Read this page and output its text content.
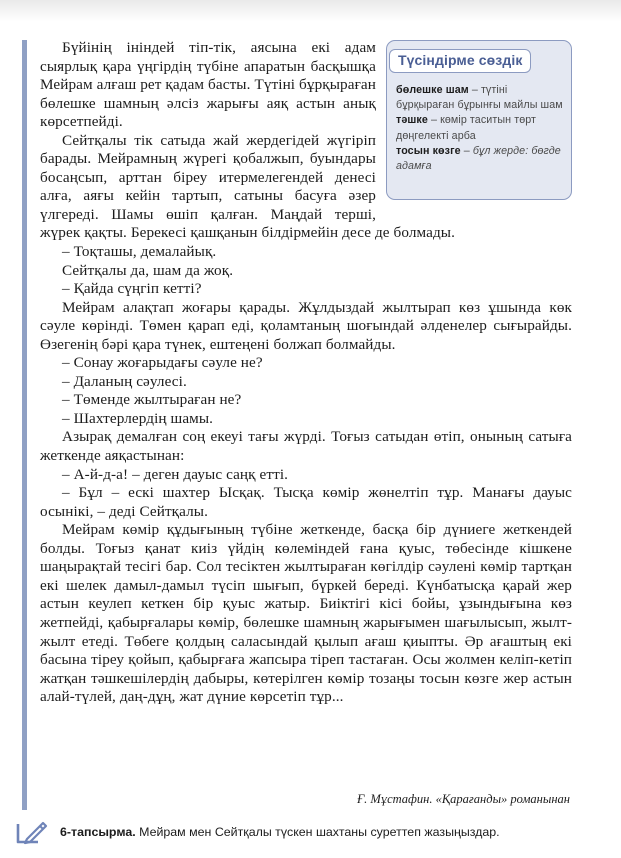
Түсіндірме сөздік
бөлешке шам – түтіні бұрқыраған бұрынғы майлы шам
тәшке – көмір таситын төрт дөңгелекті арба
тосын көзге – бұл жерде: бөгде адамға

Бүйінің ініндей тіп-тік, аясына екі адам сыярлық қара үңгірдің түбіне апаратын басқышқа Мейрам алғаш рет қадам басты. Түтіні бұрқыраған бөлешке шамның әлсіз жарығы аяқ астын анық көрсетпейді.

Сейтқалы тік сатыда жай жердегідей жүгіріп барады. Мейрамның жүрегі қобалжып, буындары босаңсып, арттан біреу итермелегендей денесі алға, аяғы кейін тартып, сатыны басуға әзер үлгереді. Шамы өшіп қалған. Маңдай терші, жүрек қақты. Берекесі қашқанын білдірмейін десе де болмады.

– Тоқташы, демалайық.

Сейтқалы да, шам да жоқ.

– Қайда сүңгіп кетті?

Мейрам алақтап жоғары қарады. Жұлдыздай жылтырап көз ұшында көк сәуле көрінді. Төмен қарап еді, қоламтаның шоғындай әлденелер сығырайды. Өзегенің бәрі қара түнек, ештеңені болжап болмайды.

– Сонау жоғарыдағы сәуле не?

– Даланың сәулесі.

– Төменде жылтыраған не?

– Шахтерлердің шамы.

Азырақ демалған соң екеуі тағы жүрді. Тоғыз сатыдан өтіп, онының сатыға жеткенде аяқастынан:

– А-й-д-а! – деген дауыс саңқ етті.

– Бұл – ескі шахтер Ысқақ. Тысқа көмір жөнелтіп тұр. Манағы дауыс осынікі, – деді Сейтқалы.

Мейрам көмір құдығының түбіне жеткенде, басқа бір дүниеге жеткендей болды. Тоғыз қанат киіз үйдің көлеміндей ғана қуыс, төбесінде кішкене шаңырақтай тесігі бар. Сол тесіктен жылтыраған көгілдір сәулені көмір тартқан екі шелек дамыл-дамыл түсіп шығып, бүркей береді. Күнбатысқа қарай жер астын кеулеп кеткен бір қуыс жатыр. Биіктігі кісі бойы, ұзындығына көз жетпейді, қабырғалары көмір, бөлешке шамның жарығымен шағылысып, жылт-жылт етеді. Төбеге қолдың саласындай қылып ағаш қиыпты. Әр ағаштың екі басына тіреу қойып, қабырғаға жапсыра тіреп тастаған. Осы жолмен келіп-кетіп жатқан тәшкешілердің дабыры, көтерілген көмір тозаңы тосын көзге жер астын алай-түлей, даң-дұң, жат дүние көрсетіп тұр...

Ғ. Мұстафин. «Қарағанды» романынан
6-тапсырма. Мейрам мен Сейтқалы түскен шахтаны суреттеп жазыңыздар.
